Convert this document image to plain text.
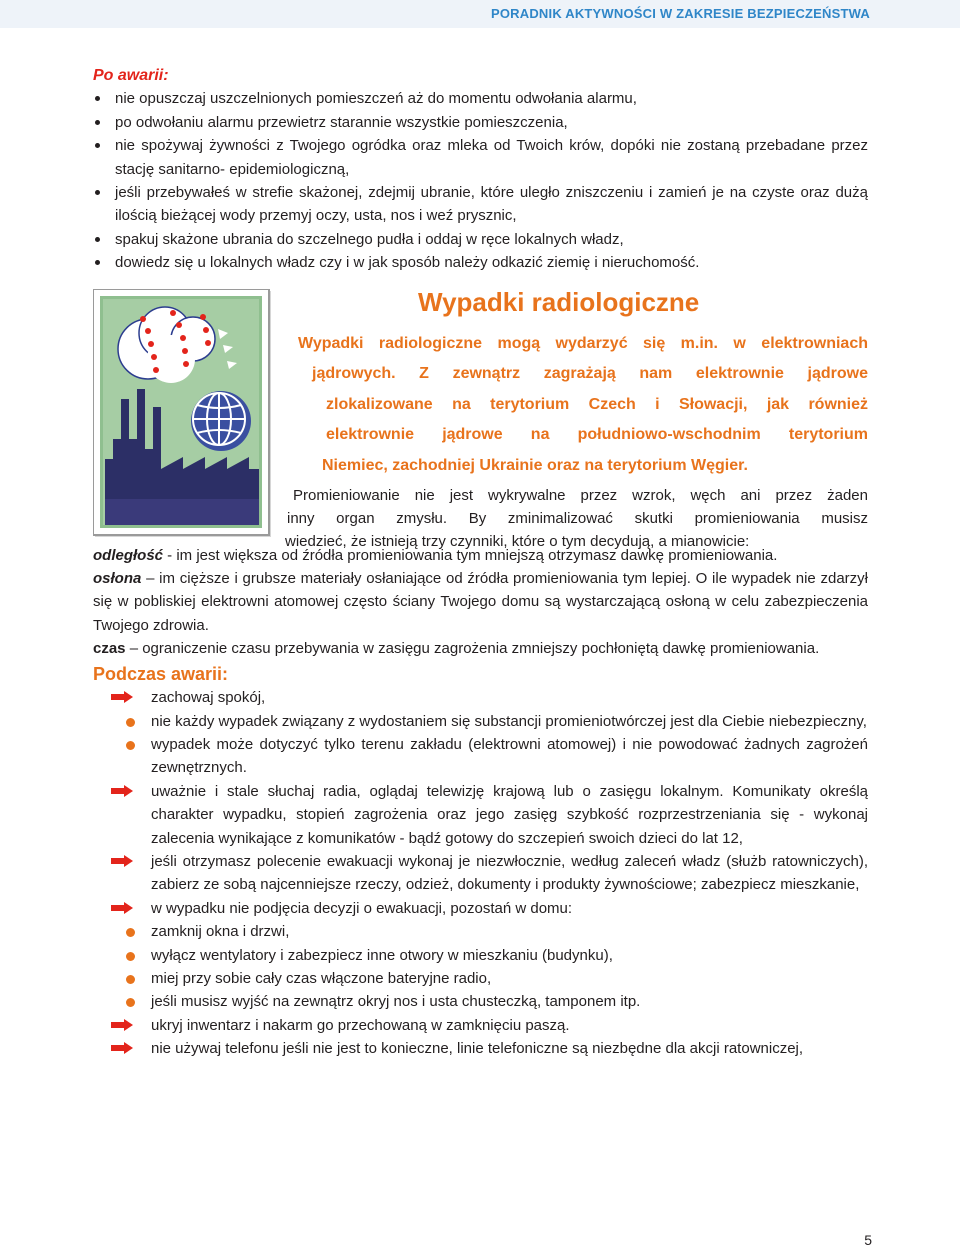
PORADNIK AKTYWNOŚCI W ZAKRESIE BEZPIECZEŃSTWA
Po awarii:
nie opuszczaj uszczelnionych pomieszczeń aż do momentu odwołania alarmu,
po odwołaniu alarmu przewietrz starannie wszystkie pomieszczenia,
nie spożywaj żywności z Twojego ogródka oraz mleka od Twoich krów, dopóki nie zostaną przebadane przez stację sanitarno- epidemiologiczną,
jeśli przebywałeś w strefie skażonej, zdejmij ubranie, które uległo zniszczeniu i zamień je na czyste oraz dużą ilością bieżącej wody przemyj oczy, usta, nos i weź prysznic,
spakuj skażone ubrania do szczelnego pudła i oddaj w ręce lokalnych władz,
dowiedz się u lokalnych władz czy i w jak sposób należy odkazić ziemię i nieruchomość.
Wypadki radiologiczne
Wypadki radiologiczne mogą wydarzyć się m.in. w elektrowniach
jądrowych. Z zewnątrz zagrażają nam elektrownie jądrowe
zlokalizowane na terytorium Czech i Słowacji, jak również
elektrownie jądrowe na południowo-wschodnim terytorium
Niemiec, zachodniej Ukrainie oraz na terytorium Węgier.
Promieniowanie nie jest wykrywalne przez wzrok, węch ani przez żaden
inny organ zmysłu. By zminimalizować skutki promieniowania musisz
wiedzieć, że istnieją trzy czynniki, które o tym decydują, a mianowicie:
odległość - im jest większa od źródła promieniowania tym mniejszą otrzymasz dawkę promieniowania.
osłona – im cięższe i grubsze materiały osłaniające od źródła promieniowania tym lepiej. O ile wypadek nie zdarzył się w pobliskiej elektrowni atomowej często ściany Twojego domu są wystarczającą osłoną w celu zabezpieczenia Twojego zdrowia.
czas – ograniczenie czasu przebywania w zasięgu zagrożenia zmniejszy pochłoniętą dawkę promieniowania.
Podczas awarii:
zachowaj spokój,
nie każdy wypadek związany z wydostaniem się substancji promieniotwórczej jest dla Ciebie niebezpieczny,
wypadek może dotyczyć tylko terenu zakładu (elektrowni atomowej) i nie powodować żadnych zagrożeń zewnętrznych.
uważnie i stale słuchaj radia, oglądaj telewizję krajową lub o zasięgu lokalnym. Komunikaty określą charakter wypadku, stopień zagrożenia oraz jego zasięg szybkość rozprzestrzeniania się - wykonaj zalecenia wynikające z komunikatów - bądź gotowy do szczepień swoich dzieci do lat 12,
jeśli otrzymasz polecenie ewakuacji wykonaj je niezwłocznie, według zaleceń władz (służb ratowniczych), zabierz ze sobą najcenniejsze rzeczy, odzież, dokumenty i produkty żywnościowe; zabezpiecz mieszkanie,
w wypadku nie podjęcia decyzji o ewakuacji, pozostań w domu:
zamknij okna i drzwi,
wyłącz wentylatory i zabezpiecz inne otwory w mieszkaniu (budynku),
miej przy sobie cały czas włączone bateryjne radio,
jeśli musisz wyjść na zewnątrz okryj nos i usta chusteczką, tamponem itp.
ukryj inwentarz i nakarm go przechowaną w zamknięciu paszą.
nie używaj telefonu jeśli nie jest to konieczne, linie telefoniczne są niezbędne dla akcji ratowniczej,
5
